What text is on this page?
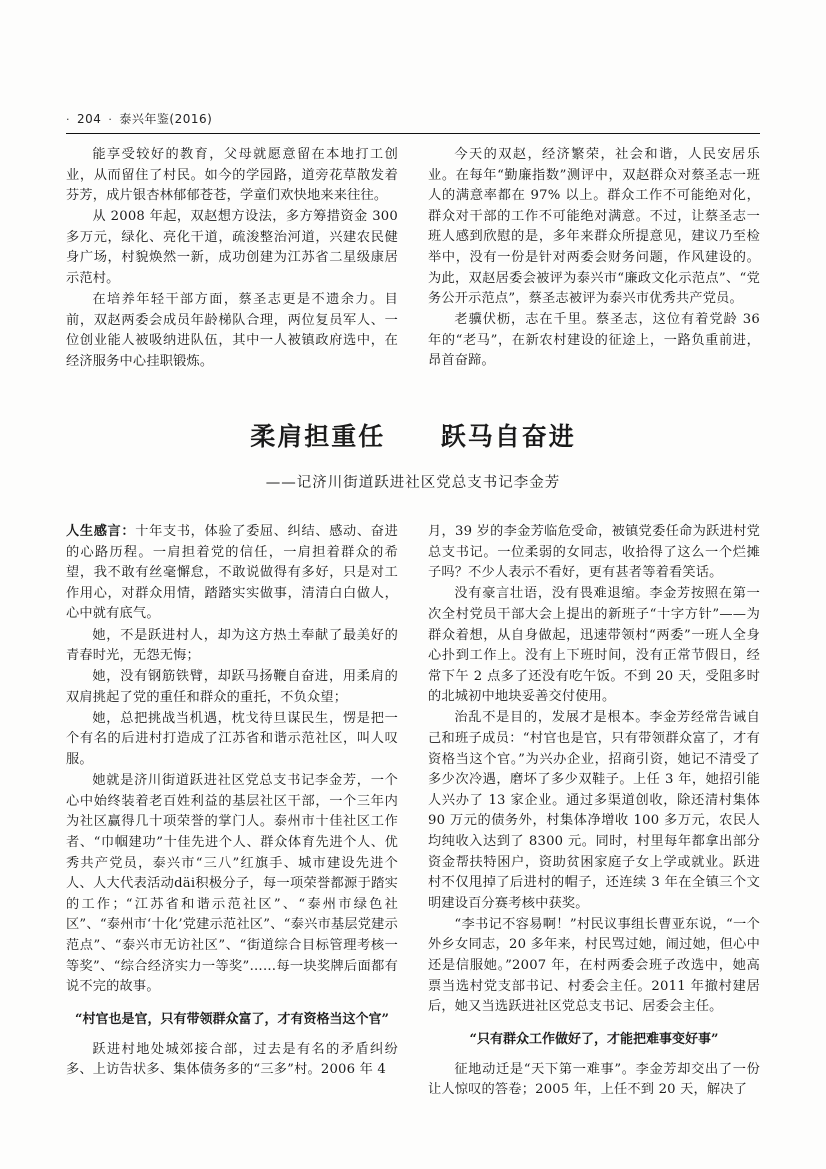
· 204 · 泰兴年鉴(2016)

能享受较好的教育，父母就愿意留在本地打工创业，从而留住了村民。如今的学园路，道旁花草散发着芬芳，成片银杏林郁郁苍苍，学童们欢快地来来往往。

从 2008 年起，双赵想方设法，多方筹措资金 300 多万元，绿化、亮化干道，疏浚整治河道，兴建农民健身广场，村貌焕然一新，成功创建为江苏省二星级康居示范村。

在培养年轻干部方面，蔡圣志更是不遗余力。目前，双赵两委会成员年龄梯队合理，两位复员军人、一位创业能人被吸纳进队伍，其中一人被镇政府选中，在经济服务中心挂职锻炼。

今天的双赵，经济繁荣，社会和谐，人民安居乐业。在每年“勤廉指数”测评中，双赵群众对蔡圣志一班人的满意率都在 97% 以上。群众工作不可能绝对化，群众对干部的工作不可能绝对满意。不过，让蔡圣志一班人感到欣慰的是，多年来群众所提意见，建议乃至检举中，没有一份是针对两委会财务问题，作风建设的。为此，双赵居委会被评为泰兴市“廉政文化示范点”、“党务公开示范点”，蔡圣志被评为泰兴市优秀共产党员。

老骥伏枥，志在千里。蔡圣志，这位有着党龄 36 年的“老马”，在新农村建设的征途上，一路负重前进，昂首奋蹄。

柔肩担重任 跃马自奋进
——记济川街道跃进社区党总支书记李金芳

人生感言：十年支书，体验了委屈、纠结、感动、奋进的心路历程。一肩担着党的信任，一肩担着群众的希望，我不敢有丝毫懈怠，不敢说做得有多好，只是对工作用心，对群众用情，踏踏实实做事，清清白白做人，心中就有底气。

她，不是跃进村人，却为这方热土奉献了最美好的青春时光，无怨无悔；

她，没有钢筋铁臂，却跃马扬鞭自奋进，用柔肩的双肩挑起了党的重任和群众的重托，不负众望；

她，总把挑战当机遇，枕戈待旦谋民生，愣是把一个有名的后进村打造成了江苏省和谐示范社区，叫人叹服。

她就是济川街道跃进社区党总支书记李金芳，一个心中始终装着老百姓利益的基层社区干部，一个三年内为社区赢得几十项荣誉的掌门人。泰州市十佳社区工作者、“巾帼建功”十佳先进个人、群众体育先进个人、优秀共产党员，泰兴市“三八”红旗手、城市建设先进个人、人大代表活动däi积极分子，每一项荣誉都源于踏实的工作；“江苏省和谐示范社区”、“泰州市绿色社区”、“泰州市‘十化’党建示范社区”、“泰兴市基层党建示范点”、“泰兴市无访社区”、“街道综合目标管理考核一等奖”、“综合经济实力一等奖”……每一块奖牌后面都有说不完的故事。

“村官也是官，只有带领群众富了，才有资格当这个官”

跃进村地处城郊接合部，过去是有名的矛盾纠纷多、上访告状多、集体债务多的“三多”村。2006 年 4

月，39 岁的李金芳临危受命，被镇党委任命为跃进村党总支书记。一位柔弱的女同志，收拾得了这么一个烂摊子吗？不少人表示不看好，更有甚者等着看笑话。

没有豪言壮语，没有畏难退缩。李金芳按照在第一次全村党员干部大会上提出的新班子“十字方针”——为群众着想，从自身做起，迅速带领村“两委”一班人全身心扑到工作上。没有上下班时间，没有正常节假日，经常下午 2 点多了还没有吃午饭。不到 20 天，受阻多时的北城初中地块妥善交付使用。

治乱不是目的，发展才是根本。李金芳经常告诫自己和班子成员：“村官也是官，只有带领群众富了，才有资格当这个官。”为兴办企业，招商引资，她记不清受了多少次冷遇，磨坏了多少双鞋子。上任 3 年，她招引能人兴办了 13 家企业。通过多渠道创收，除还清村集体 90 万元的债务外，村集体净增收 100 多万元，农民人均纯收入达到了 8300 元。同时，村里每年都拿出部分资金帮扶特困户，资助贫困家庭子女上学或就业。跃进村不仅甩掉了后进村的帽子，还连续 3 年在全镇三个文明建设百分赛考核中获奖。

“李书记不容易啊！”村民议事组长曹亚东说，“一个外乡女同志，20 多年来，村民骂过她，闹过她，但心中还是信服她。”2007 年，在村两委会班子改选中，她高票当选村党支部书记、村委会主任。2011 年撤村建居后，她又当选跃进社区党总支书记、居委会主任。

“只有群众工作做好了，才能把难事变好事”

征地动迁是“天下第一难事”。李金芳却交出了一份让人惊叹的答卷；2005 年，上任不到 20 天，解决了
